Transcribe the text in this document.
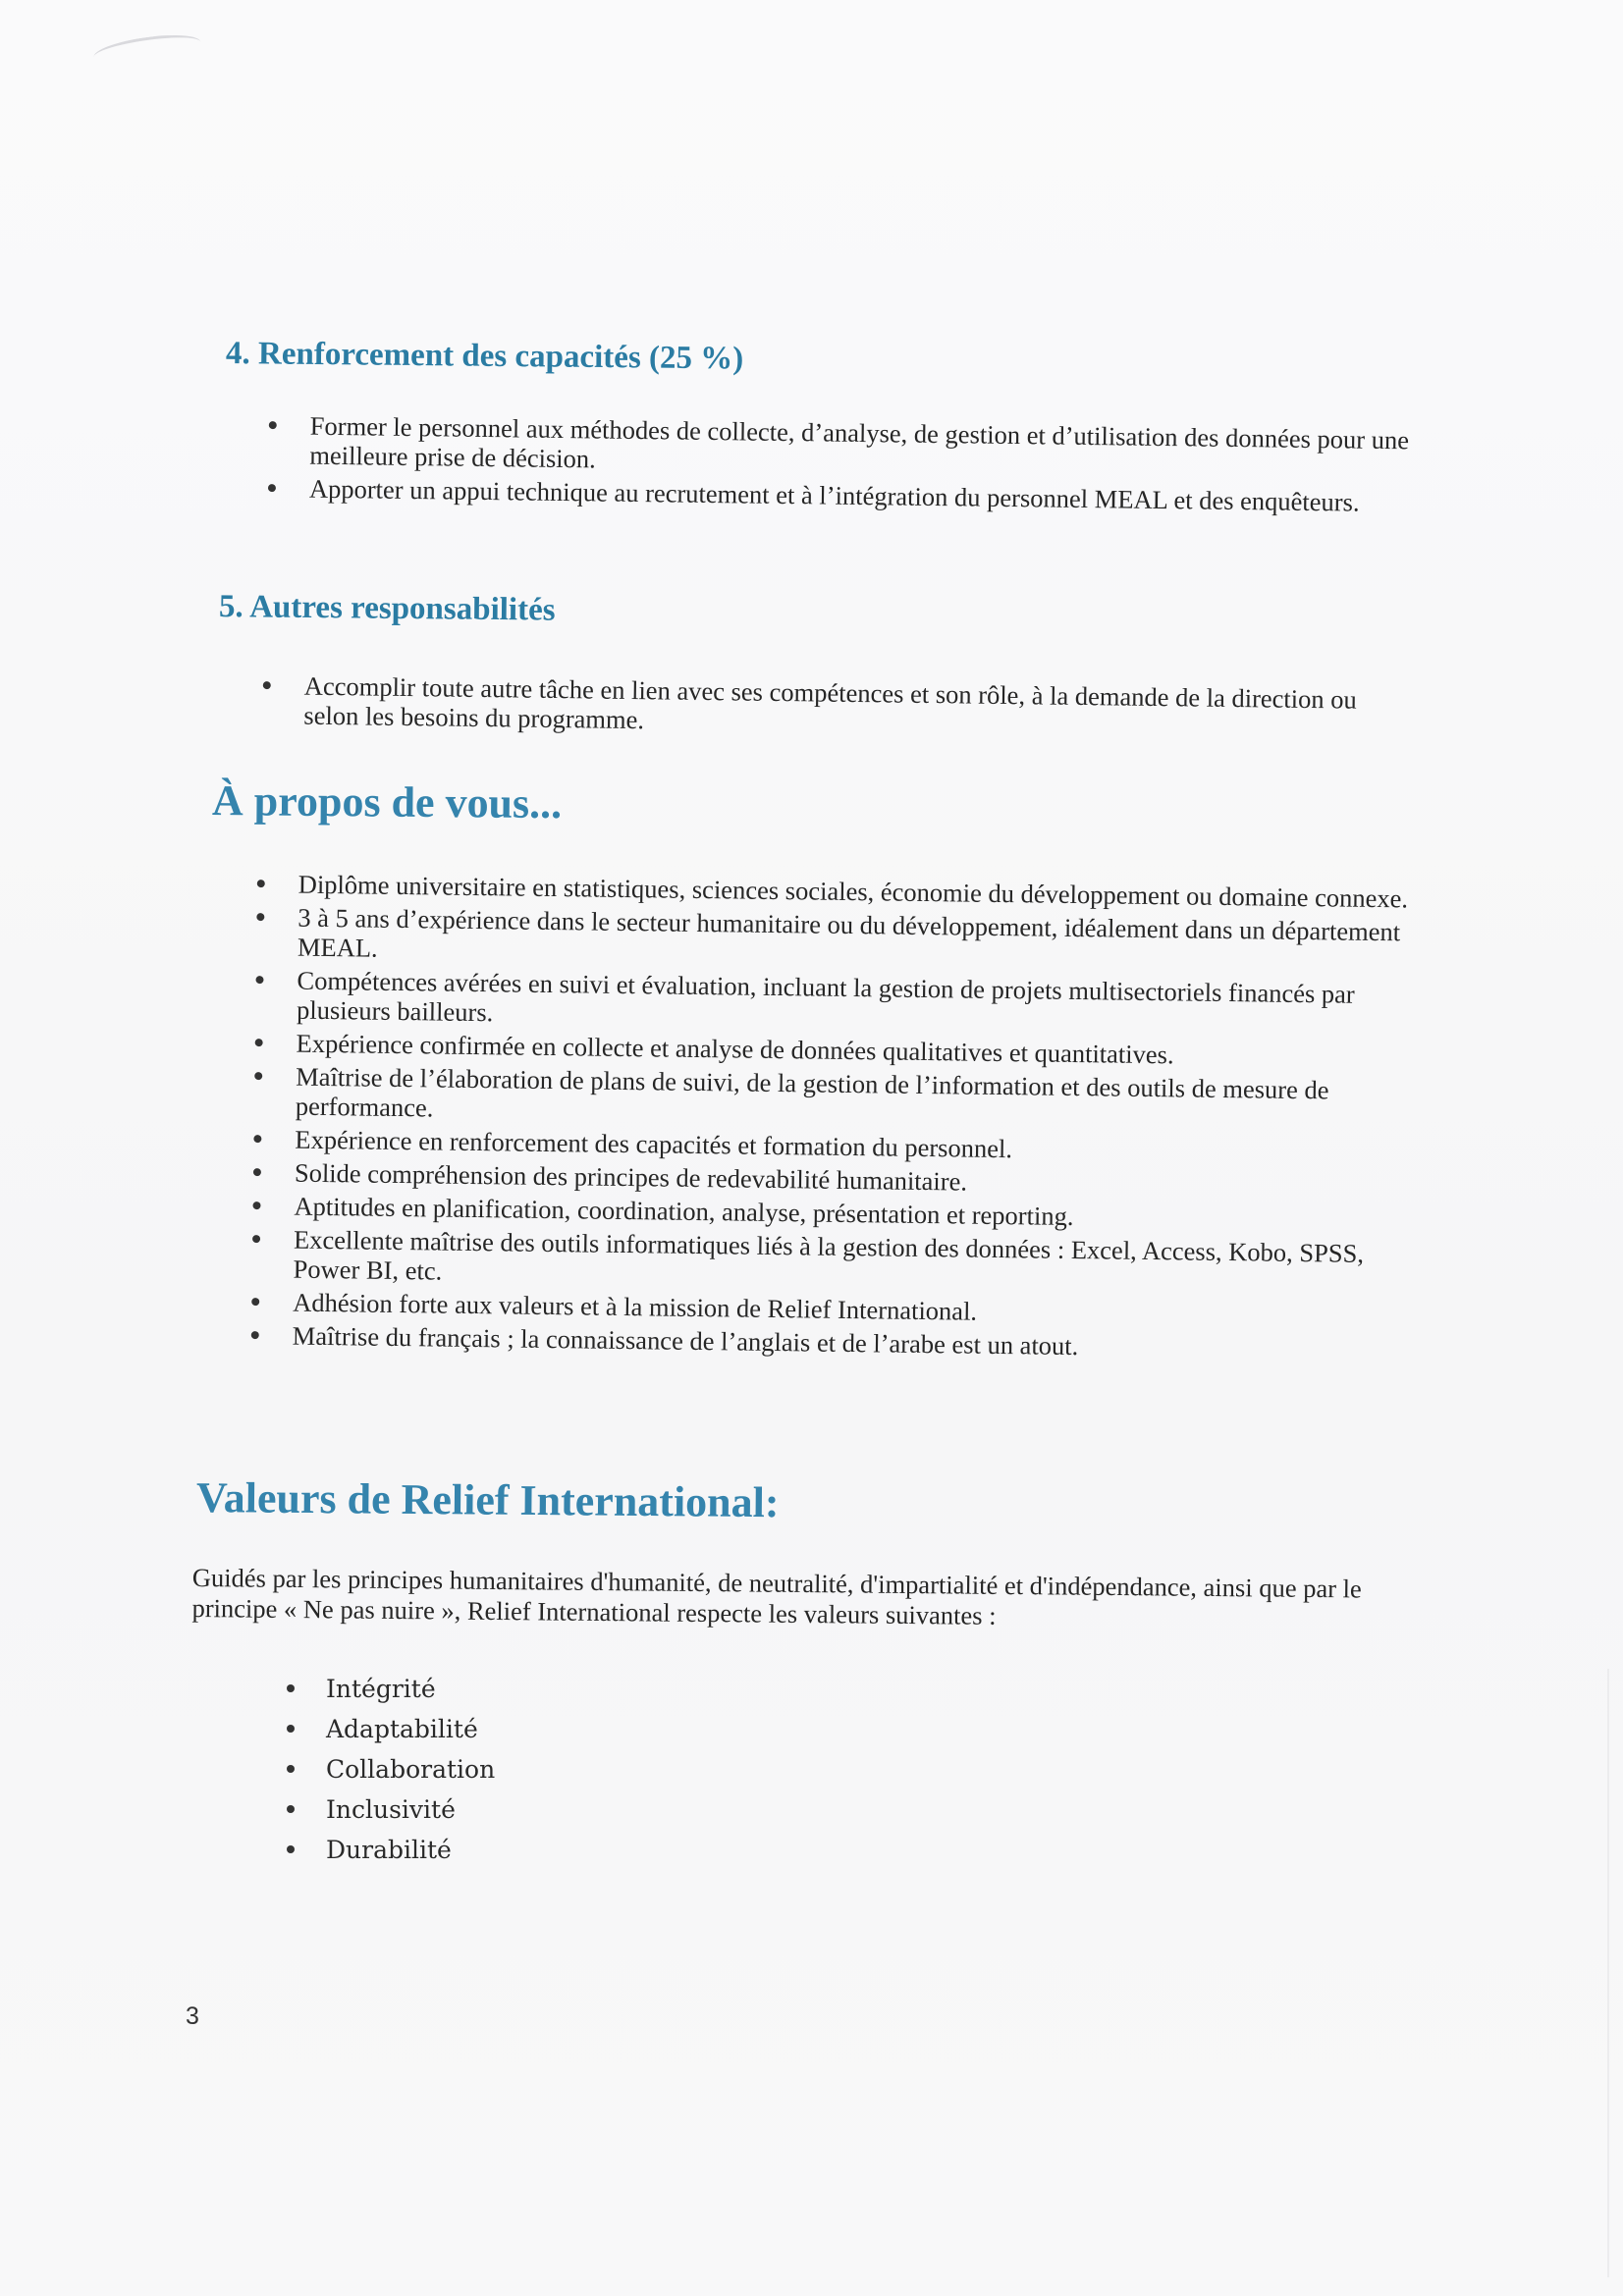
4. Renforcement des capacités (25 %)
Former le personnel aux méthodes de collecte, d’analyse, de gestion et d’utilisation des données pour une meilleure prise de décision.
Apporter un appui technique au recrutement et à l’intégration du personnel MEAL et des enquêteurs.
5. Autres responsabilités
Accomplir toute autre tâche en lien avec ses compétences et son rôle, à la demande de la direction ou selon les besoins du programme.
À propos de vous...
Diplôme universitaire en statistiques, sciences sociales, économie du développement ou domaine connexe.
3 à 5 ans d’expérience dans le secteur humanitaire ou du développement, idéalement dans un département MEAL.
Compétences avérées en suivi et évaluation, incluant la gestion de projets multisectoriels financés par plusieurs bailleurs.
Expérience confirmée en collecte et analyse de données qualitatives et quantitatives.
Maîtrise de l’élaboration de plans de suivi, de la gestion de l’information et des outils de mesure de performance.
Expérience en renforcement des capacités et formation du personnel.
Solide compréhension des principes de redevabilité humanitaire.
Aptitudes en planification, coordination, analyse, présentation et reporting.
Excellente maîtrise des outils informatiques liés à la gestion des données : Excel, Access, Kobo, SPSS, Power BI, etc.
Adhésion forte aux valeurs et à la mission de Relief International.
Maîtrise du français ; la connaissance de l’anglais et de l’arabe est un atout.
Valeurs de Relief International:
Guidés par les principes humanitaires d'humanité, de neutralité, d'impartialité et d'indépendance, ainsi que par le principe « Ne pas nuire », Relief International respecte les valeurs suivantes :
Intégrité
Adaptabilité
Collaboration
Inclusivité
Durabilité
3
